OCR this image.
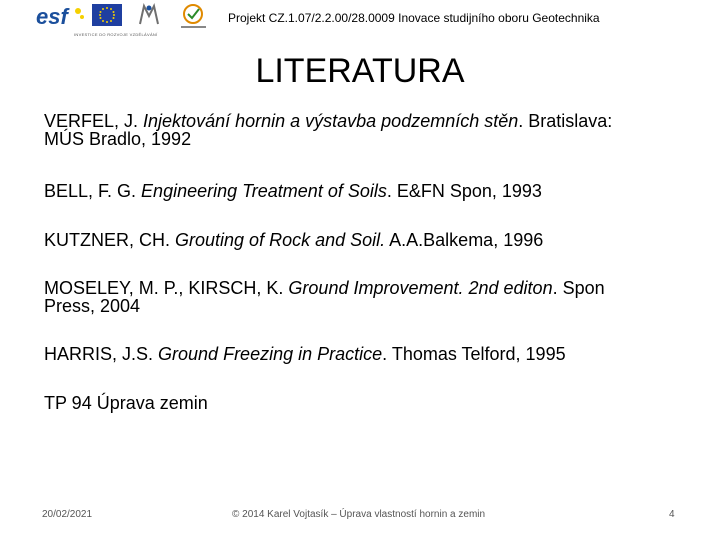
esf
INVESTICE DO ROZVOJE VZDĚLÁVÁNÍ
Projekt CZ.1.07/2.2.00/28.0009 Inovace studijního oboru Geotechnika
LITERATURA

VERFEL, J. Injektování hornin a výstavba podzemních stěn. Bratislava:
MÚS Bradlo, 1992

BELL, F. G. Engineering Treatment of Soils. E&FN Spon, 1993

KUTZNER, CH. Grouting of Rock and Soil. A.A.Balkema, 1996

MOSELEY, M. P., KIRSCH, K. Ground Improvement. 2nd editon. Spon
Press, 2004

HARRIS, J.S. Ground Freezing in Practice. Thomas Telford, 1995

TP 94 Úprava zemin

20/02/2021	© 2014 Karel Vojtasík – Úprava vlastností hornin a zemin	4
